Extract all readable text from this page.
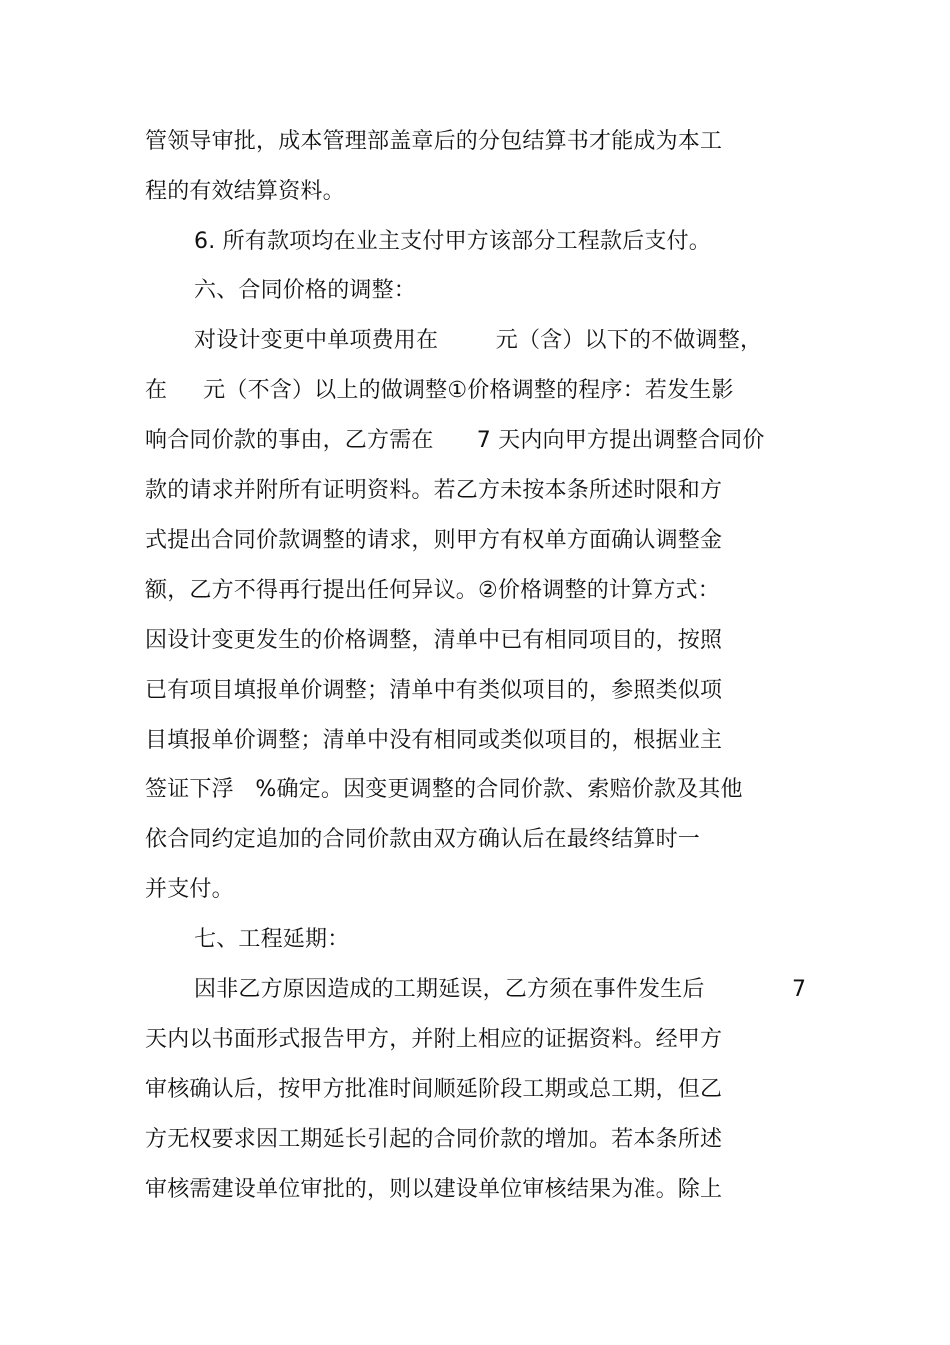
管领导审批，成本管理部盖章后的分包结算书才能成为本工
程的有效结算资料。
6. 所有款项均在业主支付甲方该部分工程款后支付。
六、合同价格的调整：
对设计变更中单项费用在        元（含）以下的不做调整，
在     元（不含）以上的做调整①价格调整的程序：若发生影
响合同价款的事由，乙方需在      7 天内向甲方提出调整合同价
款的请求并附所有证明资料。若乙方未按本条所述时限和方
式提出合同价款调整的请求，则甲方有权单方面确认调整金
额，乙方不得再行提出任何异议。②价格调整的计算方式：
因设计变更发生的价格调整，清单中已有相同项目的，按照
已有项目填报单价调整；清单中有类似项目的，参照类似项
目填报单价调整；清单中没有相同或类似项目的，根据业主
签证下浮   %确定。因变更调整的合同价款、索赔价款及其他
依合同约定追加的合同价款由双方确认后在最终结算时一
并支付。
七、工程延期：
因非乙方原因造成的工期延误，乙方须在事件发生后	7
天内以书面形式报告甲方，并附上相应的证据资料。经甲方
审核确认后，按甲方批准时间顺延阶段工期或总工期，但乙
方无权要求因工期延长引起的合同价款的增加。若本条所述
审核需建设单位审批的，则以建设单位审核结果为准。除上
